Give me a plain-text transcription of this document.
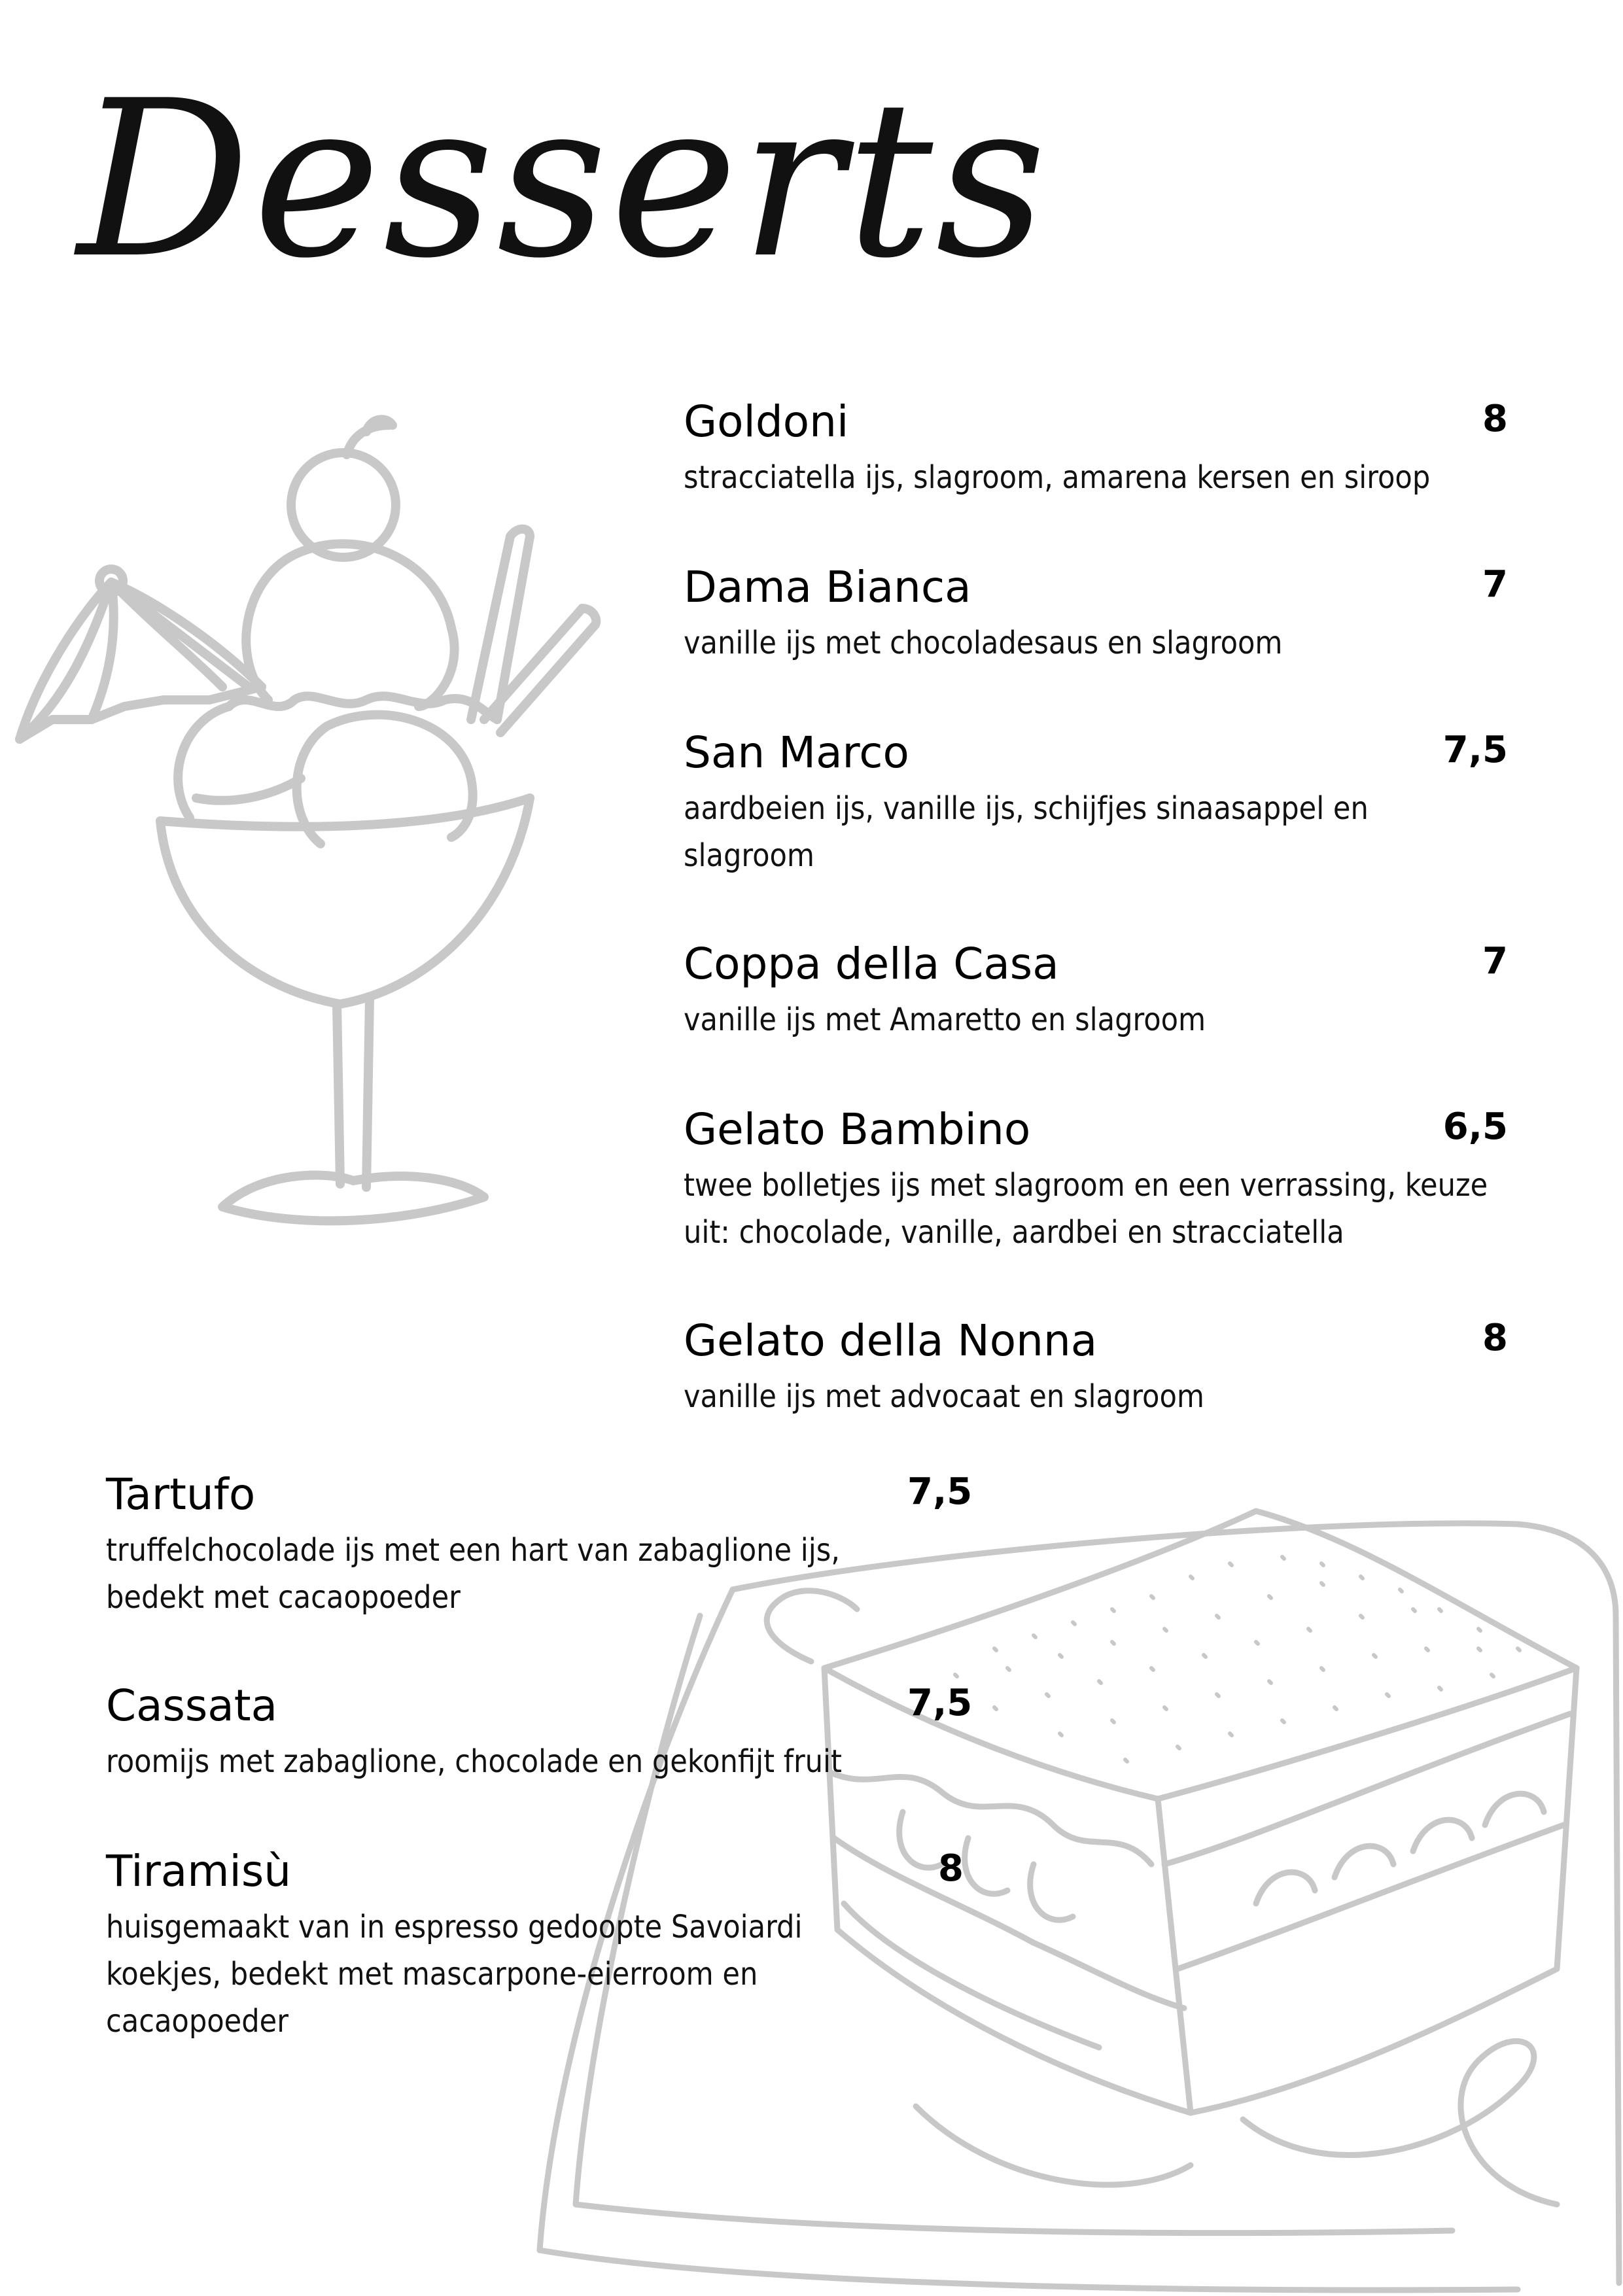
Desserts
Goldoni	8
stracciatella ijs, slagroom, amarena kersen en siroop
Dama Bianca	7
vanille ijs met chocoladesaus en slagroom
San Marco	7,5
aardbeien ijs, vanille ijs, schijfjes sinaasappel en slagroom
Coppa della Casa	7
vanille ijs met Amaretto en slagroom
Gelato Bambino	6,5
twee bolletjes ijs met slagroom en een verrassing, keuze uit: chocolade, vanille, aardbei en stracciatella
Gelato della Nonna	8
vanille ijs met advocaat en slagroom
Tartufo	7,5
truffelchocolade ijs met een hart van zabaglione ijs, bedekt met cacaopoeder
Cassata	7,5
roomijs met zabaglione, chocolade en gekonfijt fruit
Tiramisù	8
huisgemaakt van in espresso gedoopte Savoiardi koekjes, bedekt met mascarpone-eierroom en cacaopoeder
